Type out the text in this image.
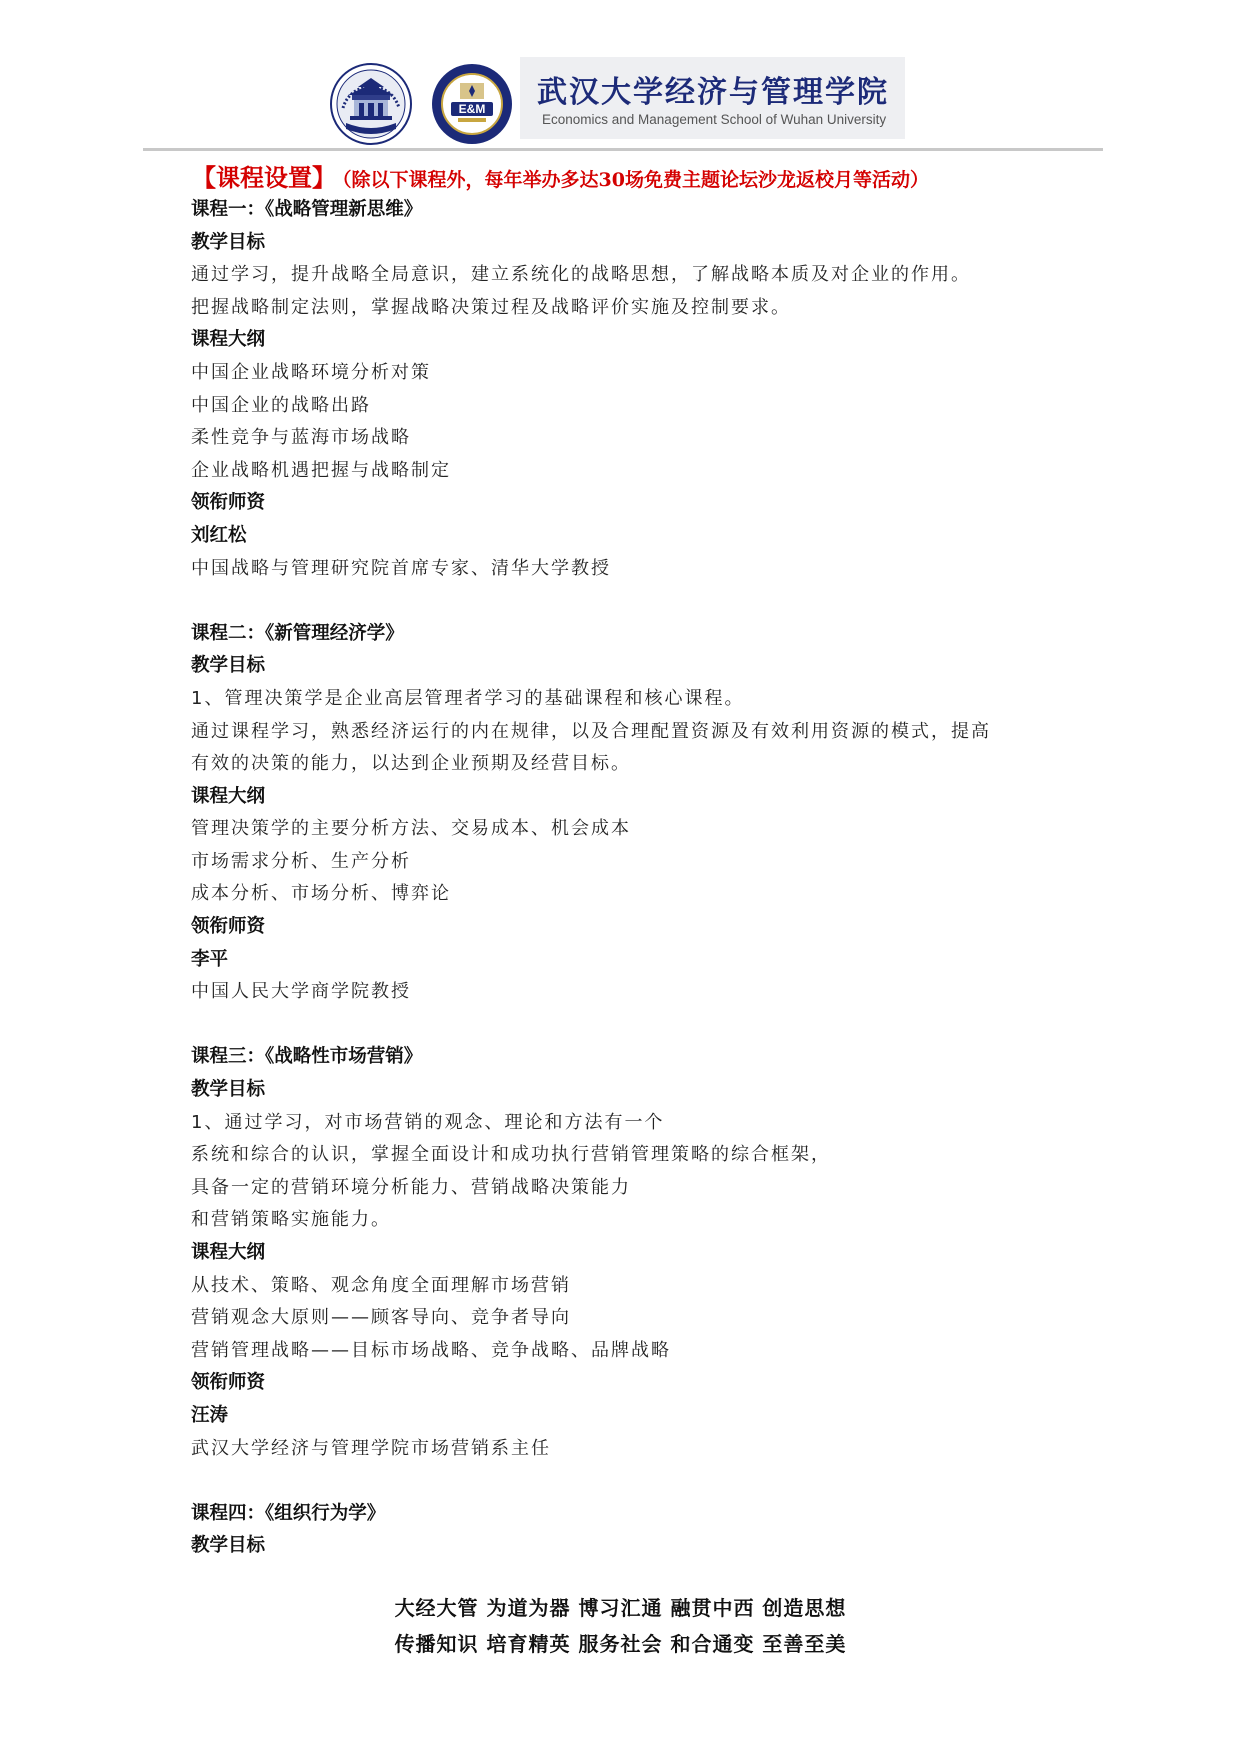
E&M 武汉大学经济与管理学院
Economics and Management School of Wuhan University
【课程设置】 （除以下课程外，每年举办多达30场免费主题论坛沙龙返校月等活动）
课程一：《战略管理新思维》
教学目标
通过学习，提升战略全局意识，建立系统化的战略思想，了解战略本质及对企业的作用。
把握战略制定法则，掌握战略决策过程及战略评价实施及控制要求。
课程大纲
中国企业战略环境分析对策
中国企业的战略出路
柔性竞争与蓝海市场战略
企业战略机遇把握与战略制定
领衔师资
刘红松
中国战略与管理研究院首席专家、清华大学教授
课程二：《新管理经济学》
教学目标
1、管理决策学是企业高层管理者学习的基础课程和核心课程。
通过课程学习，熟悉经济运行的内在规律，以及合理配置资源及有效利用资源的模式，提高
有效的决策的能力，以达到企业预期及经营目标。
课程大纲
管理决策学的主要分析方法、交易成本、机会成本
市场需求分析、生产分析
成本分析、市场分析、博弈论
领衔师资
李平
中国人民大学商学院教授
课程三：《战略性市场营销》
教学目标
1、通过学习，对市场营销的观念、理论和方法有一个
系统和综合的认识，掌握全面设计和成功执行营销管理策略的综合框架，
具备一定的营销环境分析能力、营销战略决策能力
和营销策略实施能力。
课程大纲
从技术、策略、观念角度全面理解市场营销
营销观念大原则——顾客导向、竞争者导向
营销管理战略——目标市场战略、竞争战略、品牌战略
领衔师资
汪涛
武汉大学经济与管理学院市场营销系主任
课程四：《组织行为学》
教学目标
大经大管 为道为器 博习汇通 融贯中西 创造思想
传播知识 培育精英 服务社会 和合通变 至善至美
